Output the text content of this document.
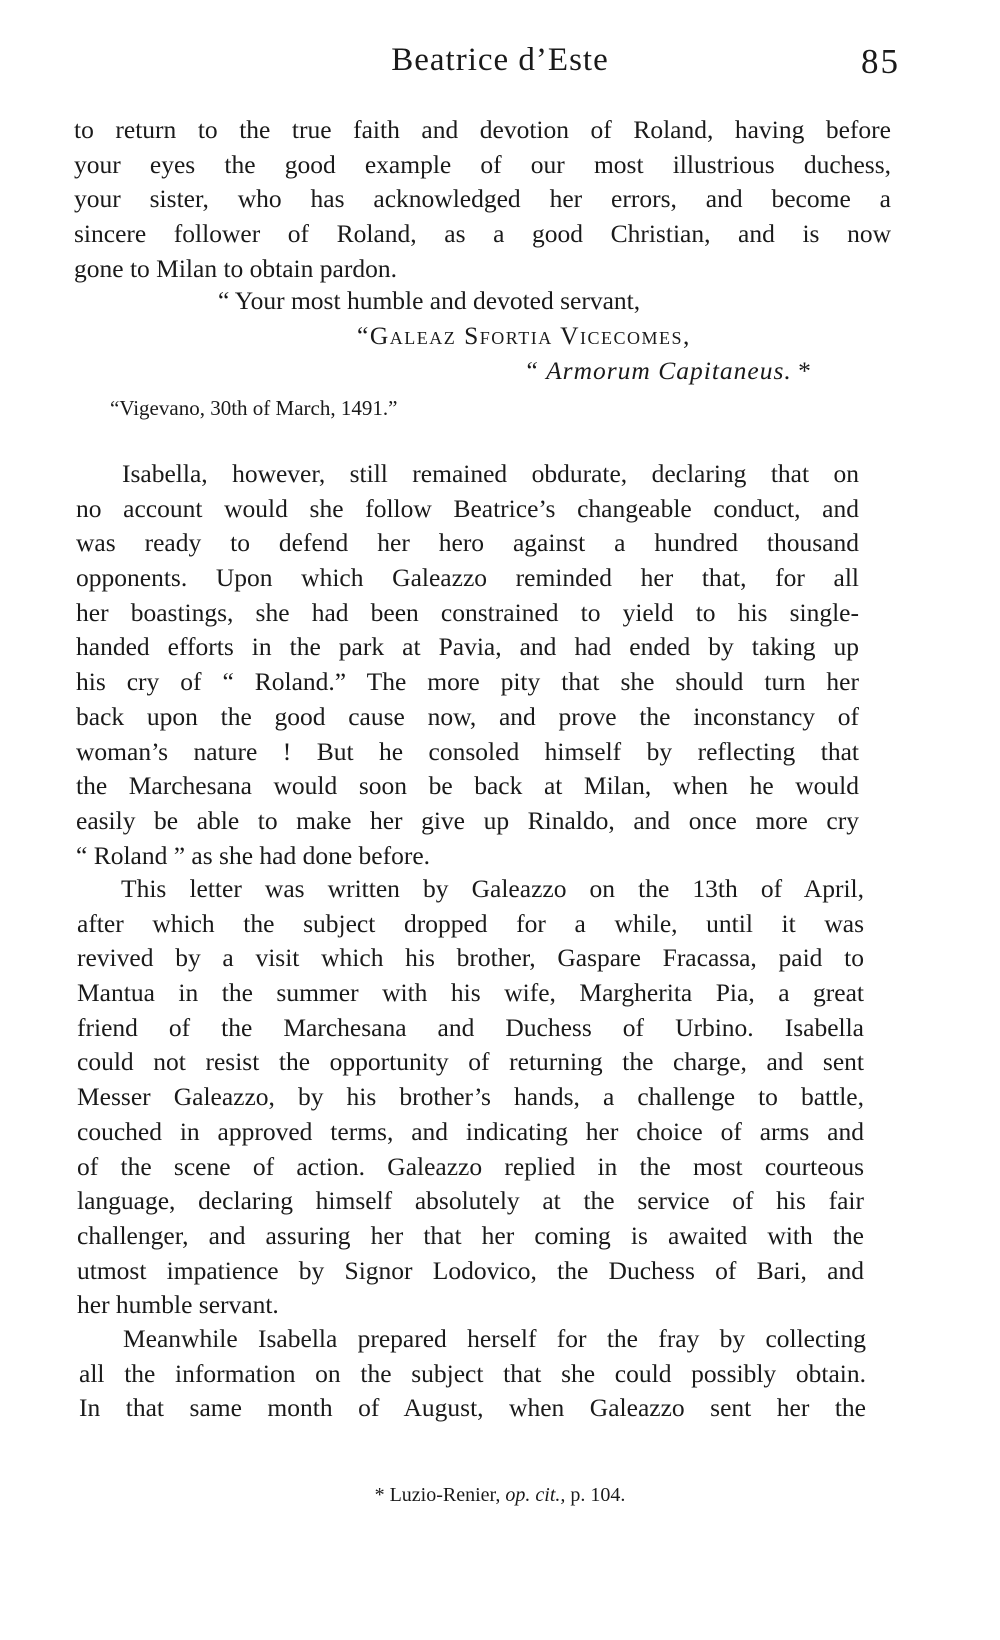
Beatrice d’Este	85
to return to the true faith and devotion of Roland, having before
your eyes the good example of our most illustrious duchess,
your sister, who has acknowledged her errors, and become a
sincere follower of Roland, as a good Christian, and is now
gone to Milan to obtain pardon.
“ Your most humble and devoted servant,
“Galeaz Sfortia Vicecomes,
“ Armorum Capitaneus. *
“Vigevano, 30th of March, 1491.”
Isabella, however, still remained obdurate, declaring that on
no account would she follow Beatrice’s changeable conduct, and
was ready to defend her hero against a hundred thousand
opponents. Upon which Galeazzo reminded her that, for all
her boastings, she had been constrained to yield to his single-
handed efforts in the park at Pavia, and had ended by taking up
his cry of “ Roland.” The more pity that she should turn her
back upon the good cause now, and prove the inconstancy of
woman’s nature ! But he consoled himself by reflecting that
the Marchesana would soon be back at Milan, when he would
easily be able to make her give up Rinaldo, and once more cry
“ Roland ” as she had done before.
This letter was written by Galeazzo on the 13th of April,
after which the subject dropped for a while, until it was
revived by a visit which his brother, Gaspare Fracassa, paid to
Mantua in the summer with his wife, Margherita Pia, a great
friend of the Marchesana and Duchess of Urbino. Isabella
could not resist the opportunity of returning the charge, and sent
Messer Galeazzo, by his brother’s hands, a challenge to battle,
couched in approved terms, and indicating her choice of arms and
of the scene of action. Galeazzo replied in the most courteous
language, declaring himself absolutely at the service of his fair
challenger, and assuring her that her coming is awaited with the
utmost impatience by Signor Lodovico, the Duchess of Bari, and
her humble servant.
Meanwhile Isabella prepared herself for the fray by collecting
all the information on the subject that she could possibly obtain.
In that same month of August, when Galeazzo sent her the
* Luzio-Renier, op. cit., p. 104.
